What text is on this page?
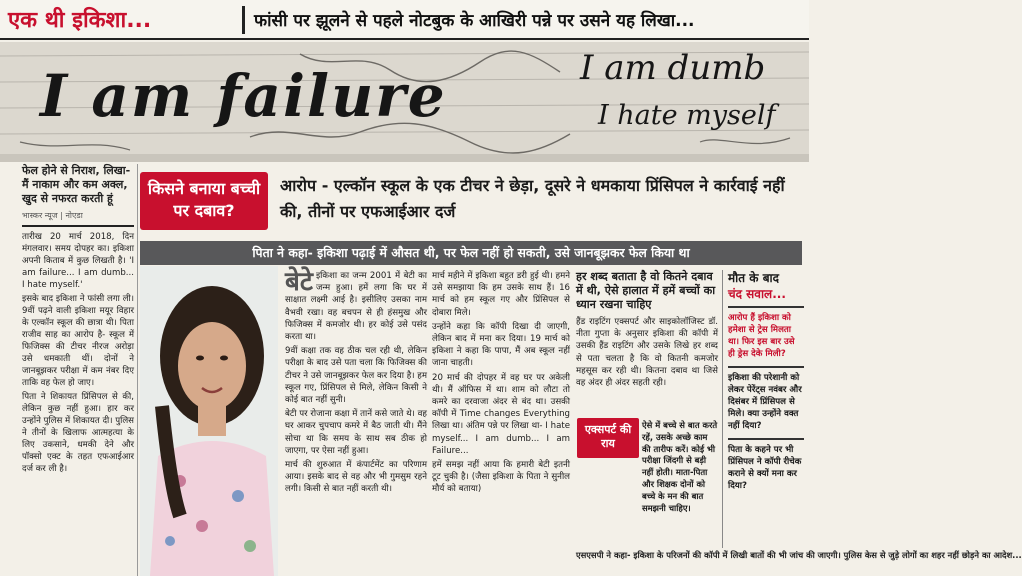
एक थी इकिशा...	फांसी पर झूलने से पहले नोटबुक के आखिरी पन्ने पर उसने यह लिखा...
I am failure	I am dumb
I hate myself
फेल होने से निराश, लिखा- मैं नाकाम और कम अक्ल, खुद से नफरत करती हूं
भास्कर न्यूज | नोएडा

तारीख 20 मार्च 2018, दिन मंगलवार। समय दोपहर का। इकिशा अपनी किताब में कुछ लिखती है। 'I am failure... I am dumb... I hate myself.'

इसके बाद इकिशा ने फांसी लगा ली। 9वीं पढ़ने वाली इकिशा मयूर विहार के एल्कॉन स्कूल की छात्रा थी। पिता राजीव साह का आरोप है- स्कूल में फिजिक्स की टीचर नीरज अरोड़ा उसे धमकाती थीं। दोनों ने जानबूझकर परीक्षा में कम नंबर दिए ताकि वह फेल हो जाए।

पिता ने शिकायत प्रिंसिपल से की, लेकिन कुछ नहीं हुआ। हार कर उन्होंने पुलिस में शिकायत दी। पुलिस ने तीनों के खिलाफ आत्महत्या के लिए उकसाने, धमकी देने और पॉक्सो एक्ट के तहत एफआईआर दर्ज कर ली है।

किसने बनाया बच्ची पर दबाव?
आरोप - एल्कॉन स्कूल के एक टीचर ने छेड़ा, दूसरे ने धमकाया प्रिंसिपल ने कार्रवाई नहीं की, तीनों पर एफआईआर दर्ज
पिता ने कहा- इकिशा पढ़ाई में औसत थी, पर फेल नहीं हो सकती, उसे जानबूझकर फेल किया था
बेटे इकिशा का जन्म 2001 में बेटी का जन्म हुआ। हमें लगा कि घर में साक्षात लक्ष्मी आई है। इसीलिए उसका नाम वैभवी रखा। वह बचपन से ही हंसमुख और फिजिक्स में कमजोर थी। हर कोई उसे पसंद करता था।

9वीं कक्षा तक वह ठीक चल रही थी, लेकिन परीक्षा के बाद उसे पता चला कि फिजिक्स की टीचर ने उसे जानबूझकर फेल कर दिया है। हम स्कूल गए, प्रिंसिपल से मिले, लेकिन किसी ने कोई बात नहीं सुनी।

बेटी पर रोजाना कक्षा में तानें कसे जाते थे। वह घर आकर चुपचाप कमरे में बैठ जाती थी। मैंने सोचा था कि समय के साथ सब ठीक हो जाएगा, पर ऐसा नहीं हुआ।

मार्च की शुरुआत में कंपार्टमेंट का परिणाम आया। इसके बाद से वह और भी गुमसुम रहने लगी। किसी से बात नहीं करती थी।

मार्च महीने में इकिशा बहुत डरी हुई थी। हमने उसे समझाया कि हम उसके साथ हैं। 16 मार्च को हम स्कूल गए और प्रिंसिपल से दोबारा मिले।

उन्होंने कहा कि कॉपी दिखा दी जाएगी, लेकिन बाद में मना कर दिया। 19 मार्च को इकिशा ने कहा कि पापा, मैं अब स्कूल नहीं जाना चाहती।

20 मार्च की दोपहर में वह घर पर अकेली थी। मैं ऑफिस में था। शाम को लौटा तो कमरे का दरवाजा अंदर से बंद था। उसकी कॉपी में Time changes Everything लिखा था। अंतिम पन्ने पर लिखा था- I hate myself... I am dumb... I am Failure...

हमें समझ नहीं आया कि हमारी बेटी इतनी टूट चुकी है। (जैसा इकिशा के पिता ने सुनील मौर्य को बताया)

हर शब्द बताता है वो कितने दबाव में थी, ऐसे हालात में हमें बच्चों का ध्यान रखना चाहिए

हैंड राइटिंग एक्सपर्ट और साइकोलॉजिस्ट डॉ. नीता गुप्ता के अनुसार इकिशा की कॉपी में उसकी हैंड राइटिंग और उसके लिखे हर शब्द से पता चलता है कि वो कितनी कमजोर महसूस कर रही थी। कितना दबाव था जिसे वह अंदर ही अंदर सहती रही।

एक्सपर्ट की राय
ऐसे में बच्चे से बात करते रहें, उसके अच्छे काम की तारीफ करें। कोई भी परीक्षा जिंदगी से बड़ी नहीं होती। माता-पिता और शिक्षक दोनों को बच्चे के मन की बात समझनी चाहिए।
एसएसपी ने कहा- इकिशा के परिजनों की कॉपी में लिखी बातों की भी जांच की जाएगी। पुलिस केस से जुड़े लोगों का शहर नहीं छोड़ने का आदेश...
मौत के बाद
चंद सवाल...
आरोप हैं इकिशा को हमेशा से ट्रेस मिलता था। फिर इस बार उसे ही ड्रेस देके मिली?
इकिशा की परेशानी को लेकर पेरेंट्स नवंबर और दिसंबर में प्रिंसिपल से मिले। क्या उन्होंने वक्त नहीं दिया?
पिता के कहने पर भी प्रिंसिपल ने कॉपी रीचेक कराने से क्यों मना कर दिया?
